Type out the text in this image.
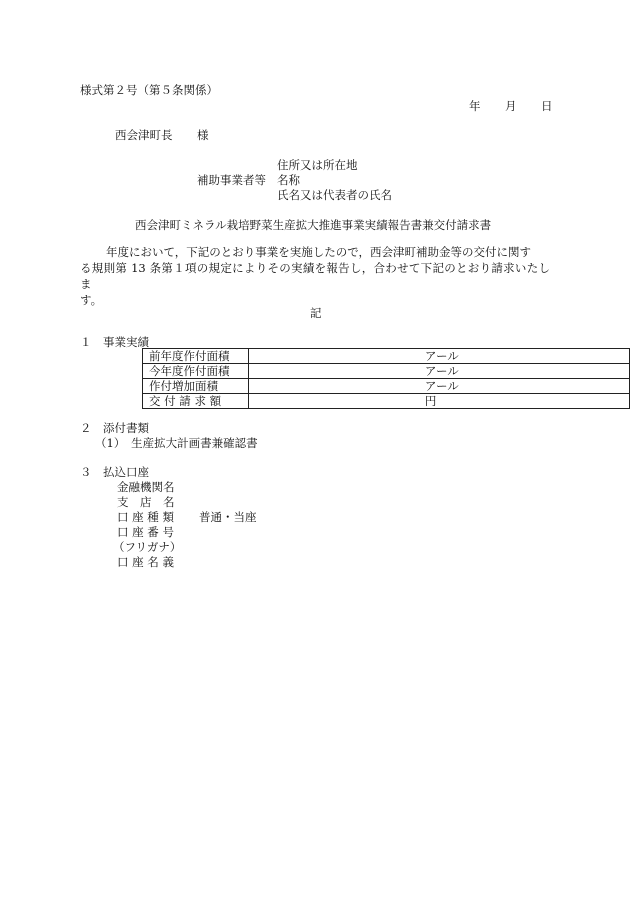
様式第２号（第５条関係）
年 月 日
西会津町長 様
住所又は所在地
補助事業者等 名称
氏名又は代表者の氏名
西会津町ミネラル栽培野菜生産拡大推進事業実績報告書兼交付請求書
年度において，下記のとおり事業を実施したので，西会津町補助金等の交付に関す
る規則第 13 条第１項の規定によりその実績を報告し，合わせて下記のとおり請求いたしま
す。
記
１　事業実績
前年度作付面積	アール
今年度作付面積	アール
作付増加面積	アール
交 付 請 求 額	円
２　添付書類
（1）　生産拡大計画書兼確認書
３　払込口座
金融機関名
支　店　名
口 座 種 類 普通・当座
口 座 番 号
（フリガナ）
口 座 名 義
